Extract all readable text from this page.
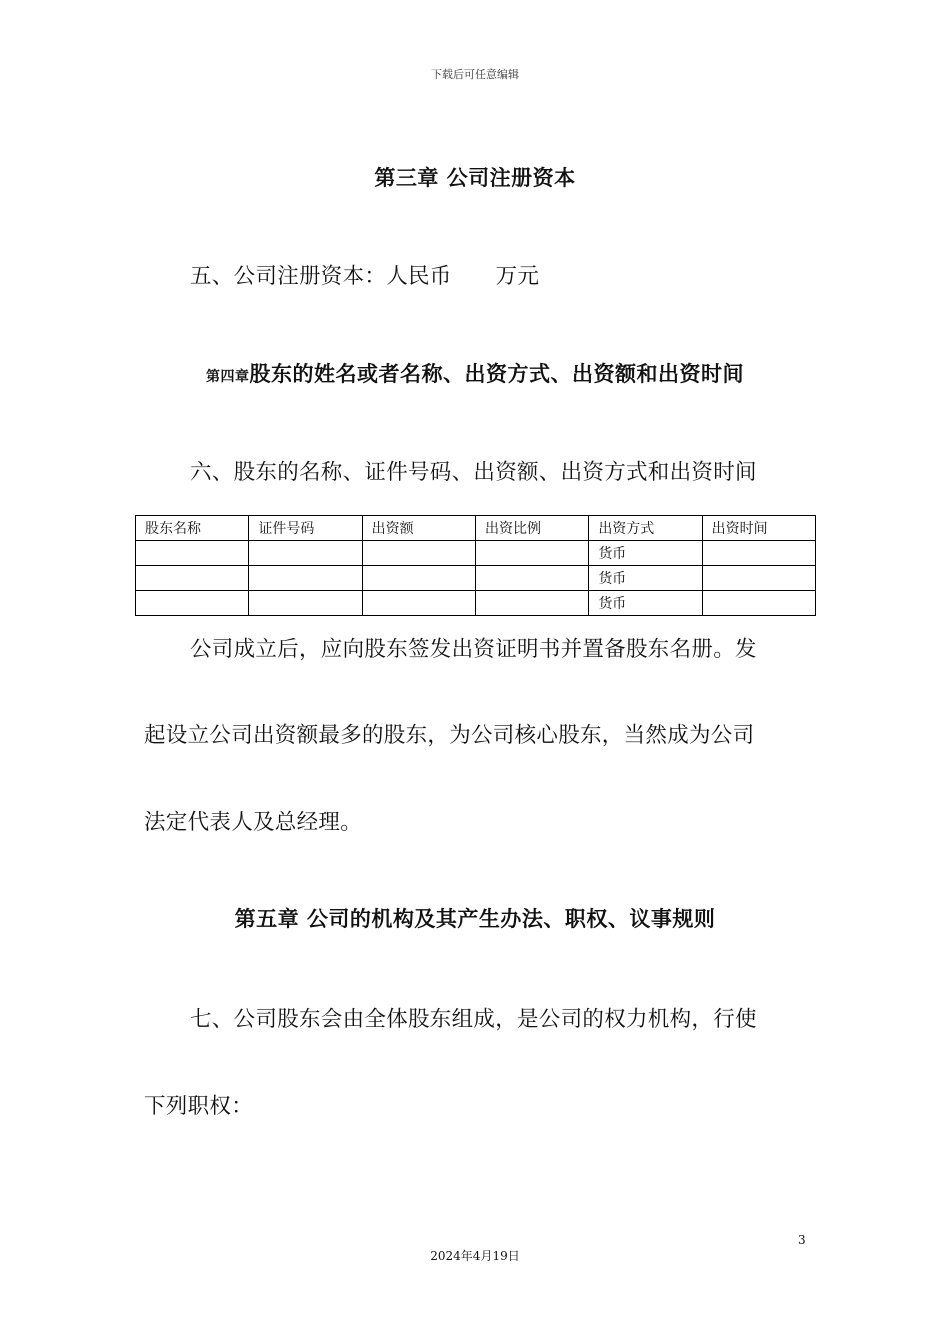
下载后可任意编辑
第三章 公司注册资本
五、公司注册资本：人民币 万元
第四章股东的姓名或者名称、出资方式、出资额和出资时间
六、股东的名称、证件号码、出资额、出资方式和出资时间
股东名称	证件号码	出资额	出资比例	出资方式	出资时间
				货币	
				货币	
				货币	
公司成立后，应向股东签发出资证明书并置备股东名册。发
起设立公司出资额最多的股东，为公司核心股东，当然成为公司
法定代表人及总经理。
第五章 公司的机构及其产生办法、职权、议事规则
七、公司股东会由全体股东组成，是公司的权力机构，行使
下列职权：
3
2024年4月19日
